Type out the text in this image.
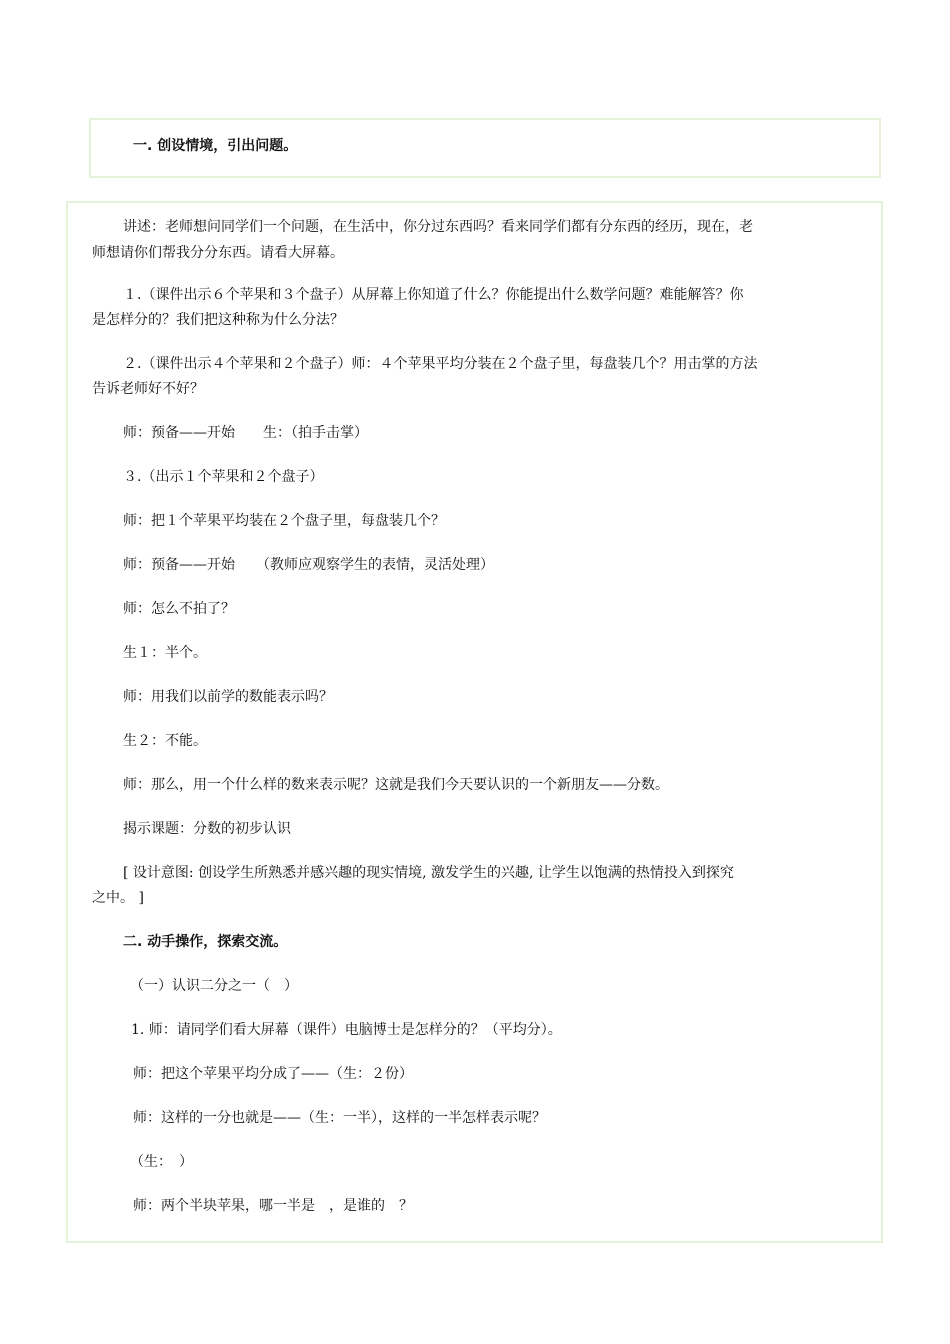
一. 创设情境，引出问题。
讲述：老师想问同学们一个问题，在生活中，你分过东西吗？看来同学们都有分东西的经历，现在，老
师想请你们帮我分分东西。请看大屏幕。
１.（课件出示６个苹果和３个盘子）从屏幕上你知道了什么？你能提出什么数学问题？难能解答？你
是怎样分的？我们把这种称为什么分法？
２.（课件出示４个苹果和２个盘子）师：４个苹果平均分装在２个盘子里，每盘装几个？用击掌的方法
告诉老师好不好？
师：预备——开始　　生：（拍手击掌）
３.（出示１个苹果和２个盘子）
师：把１个苹果平均装在２个盘子里，每盘装几个？
师：预备——开始　　（教师应观察学生的表情，灵活处理）
师：怎么不拍了？
生１：半个。
师：用我们以前学的数能表示吗？
生２：不能。
师：那么，用一个什么样的数来表示呢？这就是我们今天要认识的一个新朋友——分数。
揭示课题：分数的初步认识
[ 设计意图: 创设学生所熟悉并感兴趣的现实情境, 激发学生的兴趣, 让学生以饱满的热情投入到探究
之中。 ]
二. 动手操作，探索交流。
（一）认识二分之一（　）
1. 师：请同学们看大屏幕（课件）电脑博士是怎样分的？（平均分）。
师：把这个苹果平均分成了——（生：２份）
师：这样的一分也就是——（生：一半），这样的一半怎样表示呢？
（生：　）
师：两个半块苹果，哪一半是　，是谁的　？
